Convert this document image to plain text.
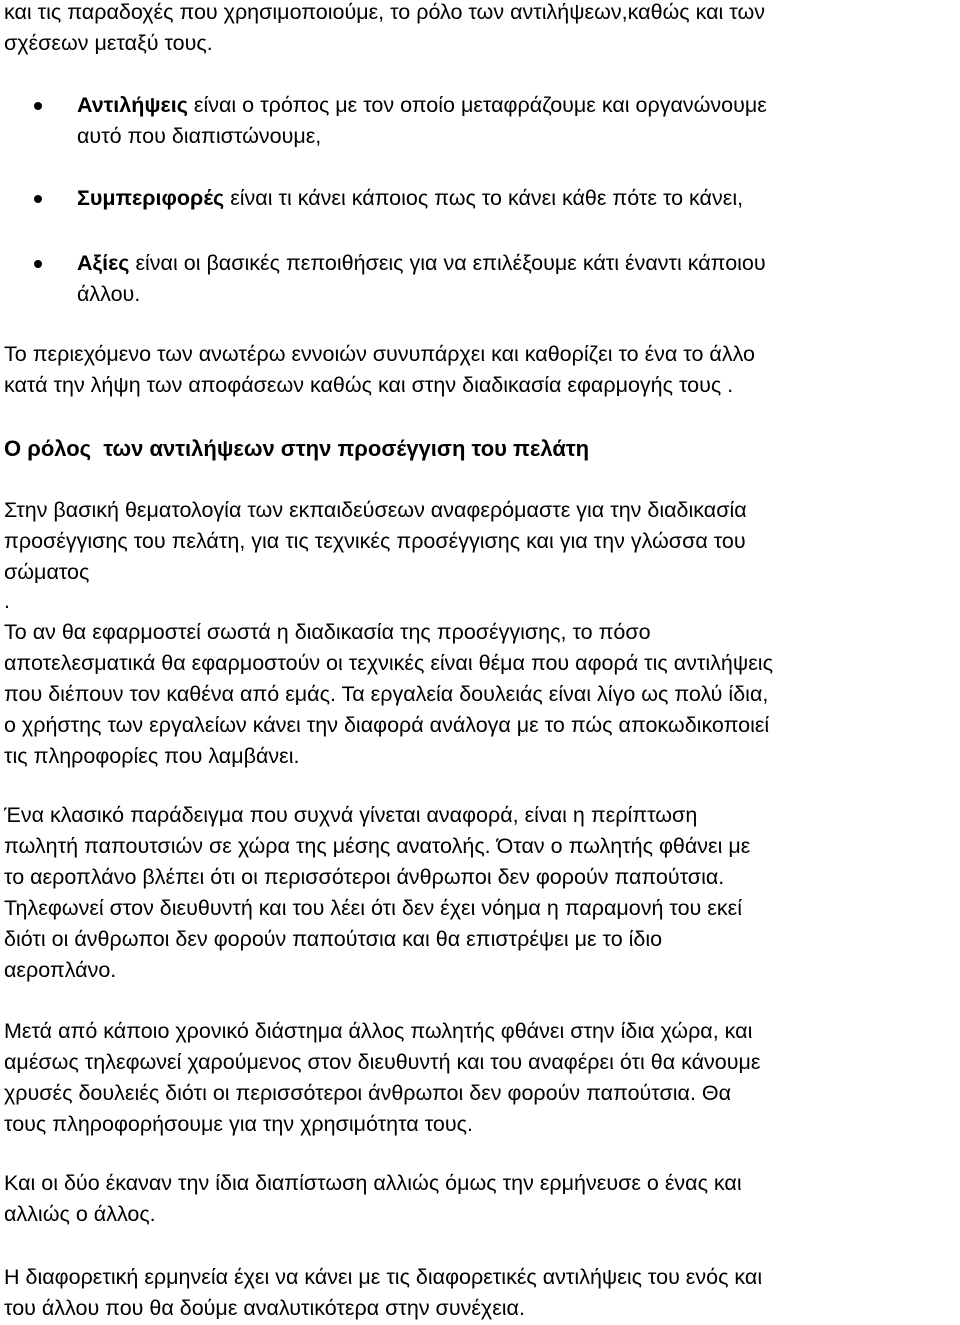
και τις παραδοχές που χρησιμοποιούμε, το ρόλο των αντιλήψεων,καθώς και των
σχέσεων μεταξύ τους.

Αντιλήψεις είναι ο τρόπος με τον οποίο μεταφράζουμε και οργανώνουμε
αυτό που διαπιστώνουμε,
Συμπεριφορές είναι τι κάνει κάποιος πως το κάνει κάθε πότε το κάνει,
Αξίες είναι οι βασικές πεποιθήσεις για να επιλέξουμε κάτι έναντι κάποιου
άλλου.

Το περιεχόμενο των ανωτέρω εννοιών συνυπάρχει και καθορίζει το ένα το άλλο
κατά την λήψη των αποφάσεων καθώς και στην διαδικασία εφαρμογής τους .

Ο ρόλος  των αντιλήψεων στην προσέγγιση του πελάτη

Στην βασική θεματολογία των εκπαιδεύσεων αναφερόμαστε για την διαδικασία
προσέγγισης του πελάτη, για τις τεχνικές προσέγγισης και για την γλώσσα του
σώματος
.

Το αν θα εφαρμοστεί σωστά η διαδικασία της προσέγγισης, το πόσο
αποτελεσματικά θα εφαρμοστούν οι τεχνικές είναι θέμα που αφορά τις αντιλήψεις
που διέπουν τον καθένα από εμάς. Τα εργαλεία δουλειάς είναι λίγο ως πολύ ίδια,
ο χρήστης των εργαλείων κάνει την διαφορά ανάλογα με το πώς αποκωδικοποιεί
τις πληροφορίες που λαμβάνει.

Ένα κλασικό παράδειγμα που συχνά γίνεται αναφορά, είναι η περίπτωση
πωλητή παπουτσιών σε χώρα της μέσης ανατολής. Όταν ο πωλητής φθάνει με
το αεροπλάνο βλέπει ότι οι περισσότεροι άνθρωποι δεν φορούν παπούτσια.
Τηλεφωνεί στον διευθυντή και του λέει ότι δεν έχει νόημα η παραμονή του εκεί
διότι οι άνθρωποι δεν φορούν παπούτσια και θα επιστρέψει με το ίδιο
αεροπλάνο.

Μετά από κάποιο χρονικό διάστημα άλλος πωλητής φθάνει στην ίδια χώρα, και
αμέσως τηλεφωνεί χαρούμενος στον διευθυντή και του αναφέρει ότι θα κάνουμε
χρυσές δουλειές διότι οι περισσότεροι άνθρωποι δεν φορούν παπούτσια. Θα
τους πληροφορήσουμε για την χρησιμότητα τους.

Και οι δύο έκαναν την ίδια διαπίστωση αλλιώς όμως την ερμήνευσε ο ένας και
αλλιώς ο άλλος.

Η διαφορετική ερμηνεία έχει να κάνει με τις διαφορετικές αντιλήψεις του ενός και
του άλλου που θα δούμε αναλυτικότερα στην συνέχεια.
